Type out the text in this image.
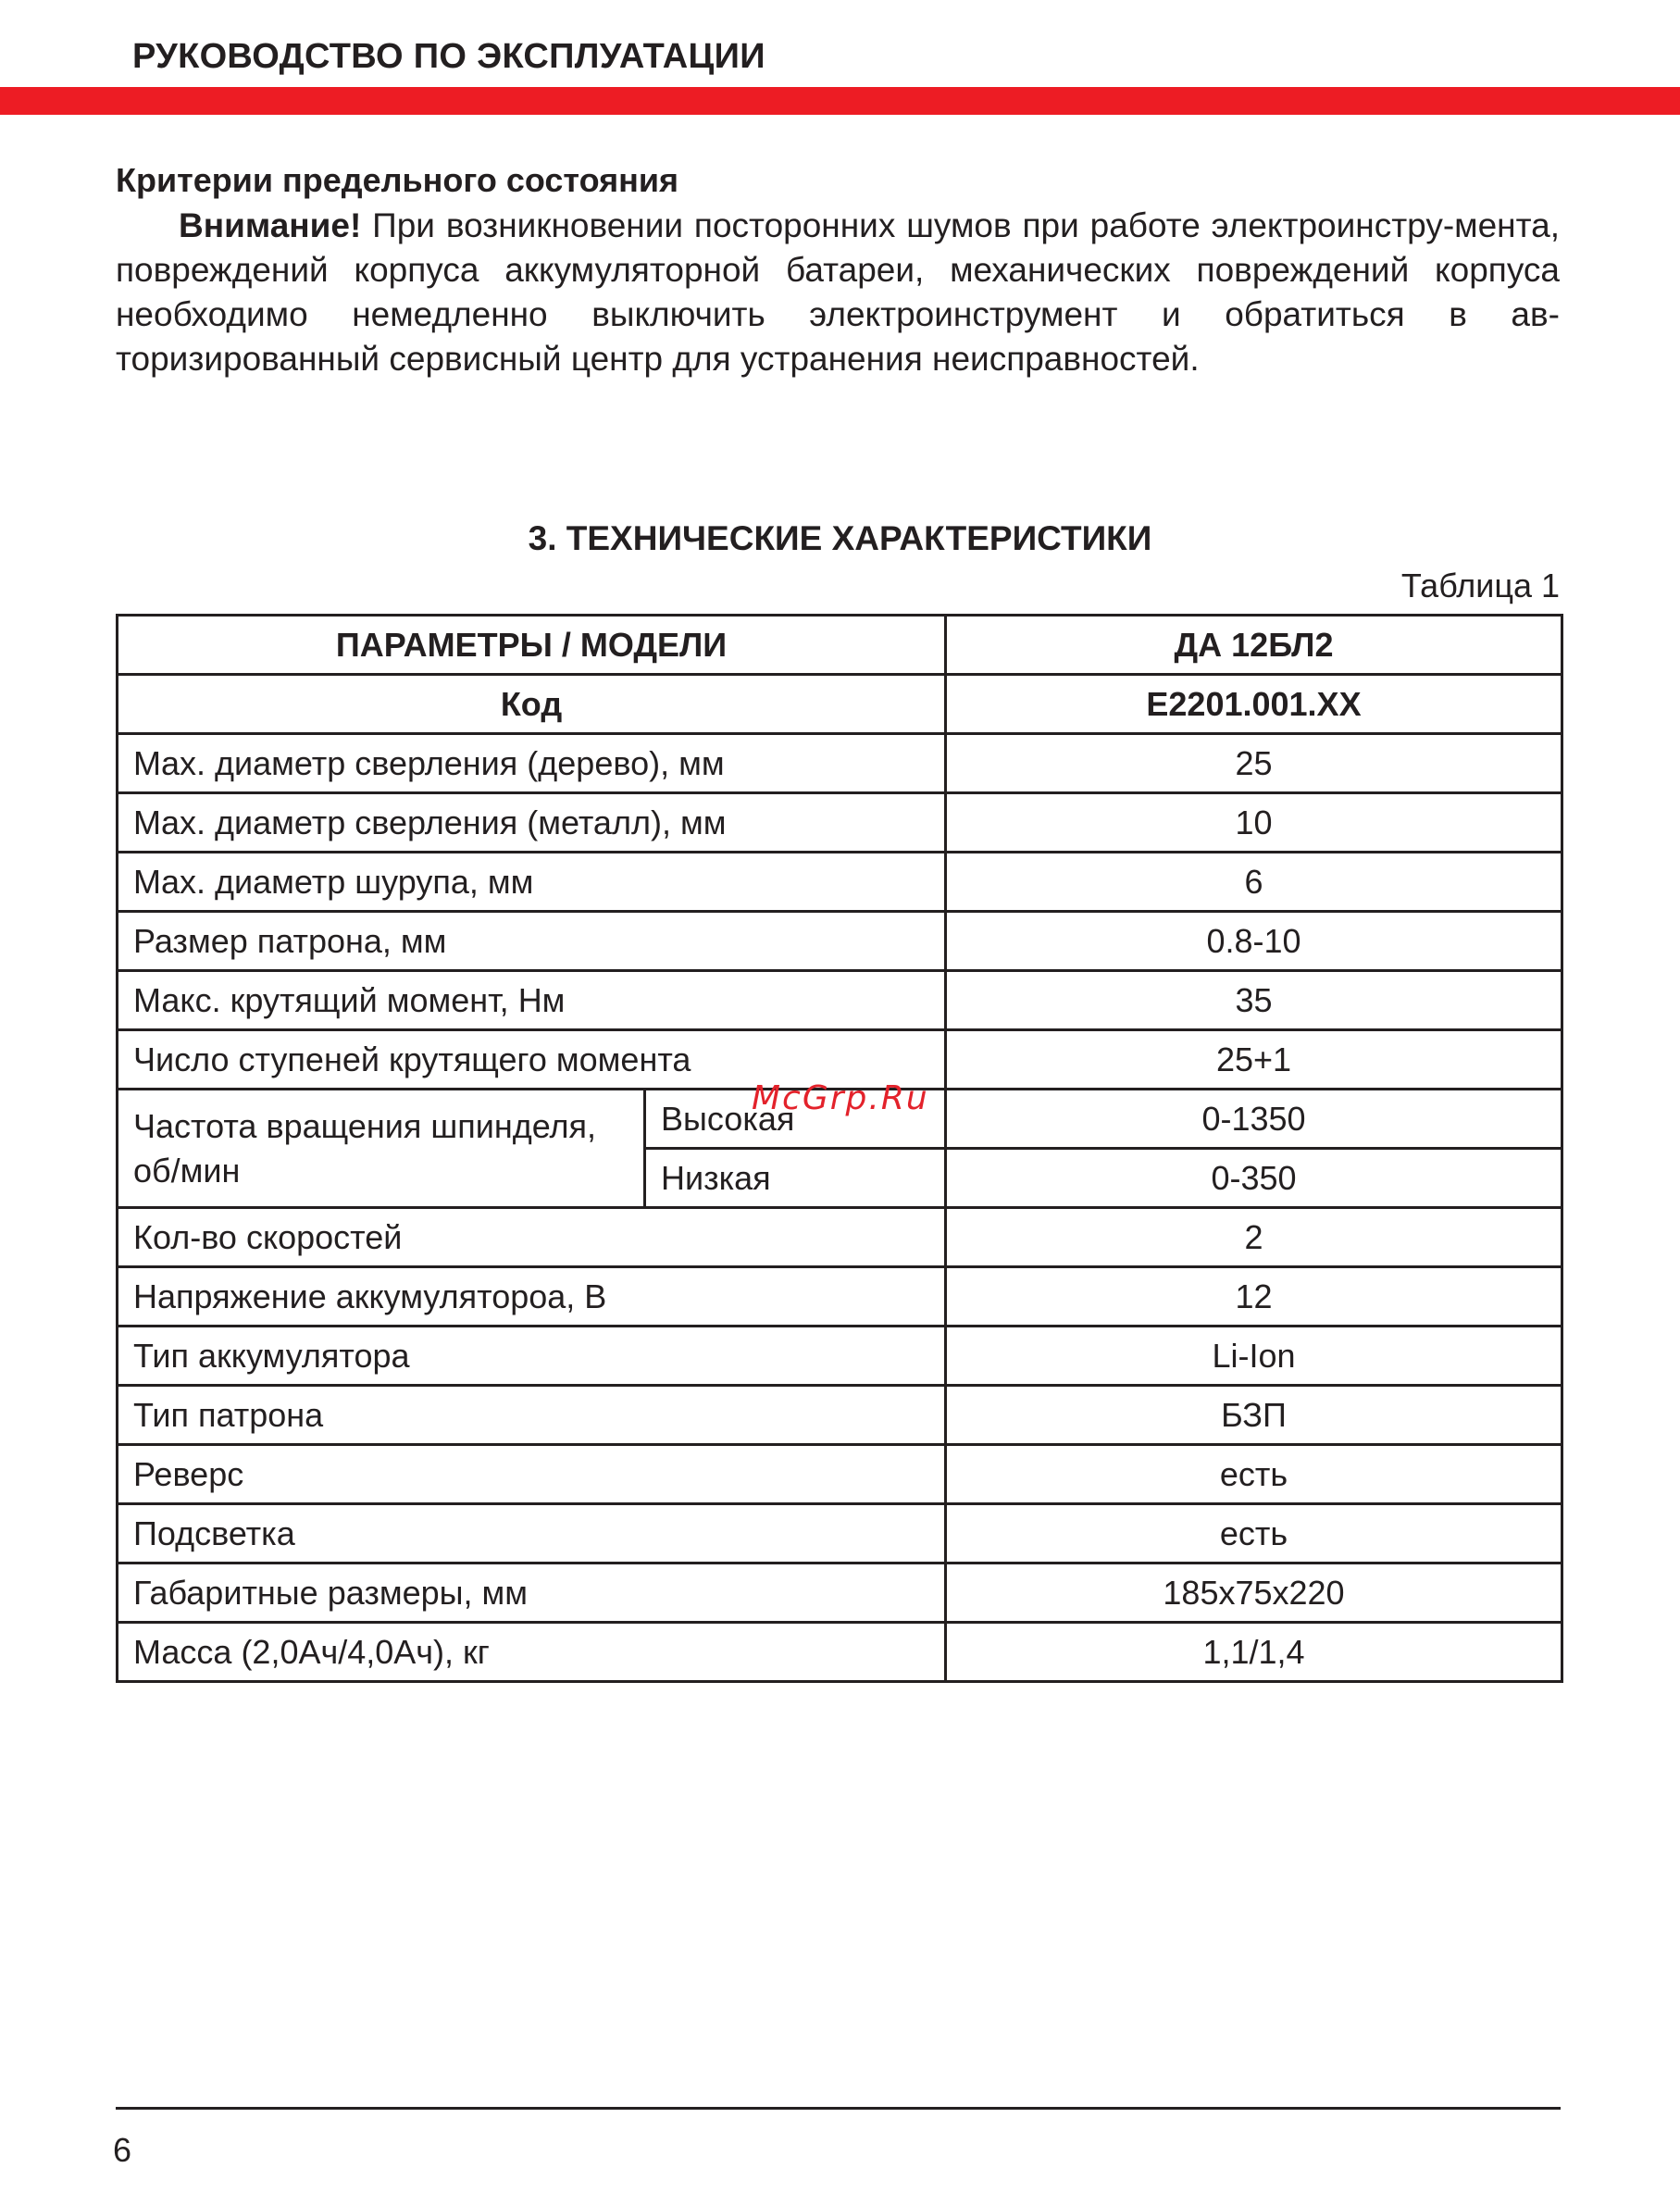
РУКОВОДСТВО ПО ЭКСПЛУАТАЦИИ
Критерии предельного состояния
Внимание! При возникновении посторонних шумов при работе электроинстру-мента, повреждений корпуса аккумуляторной батареи, механических повреждений корпуса необходимо немедленно выключить электроинструмент и обратиться в ав-торизированный сервисный центр для устранения неисправностей.
3. ТЕХНИЧЕСКИЕ ХАРАКТЕРИСТИКИ
Таблица 1
ПАРАМЕТРЫ / МОДЕЛИ		ДА 12БЛ2
Код		E2201.001.XX
Max. диаметр сверления (дерево), мм		25
Max. диаметр сверления (металл), мм		10
Max. диаметр шурупа, мм		6
Размер патрона, мм		0.8-10
Макс. крутящий момент, Нм		35
Число ступеней крутящего момента		25+1
Частота вращения шпинделя, об/мин	Высокая	0-1350
	Низкая	0-350
Кол-во скоростей		2
Напряжение аккумулятороа, В		12
Тип аккумулятора		Li-Ion
Тип патрона		БЗП
Реверс		есть
Подсветка		есть
Габаритные размеры, мм		185x75x220
Масса (2,0Ач/4,0Ач), кг		1,1/1,4
McGrp.Ru
6
